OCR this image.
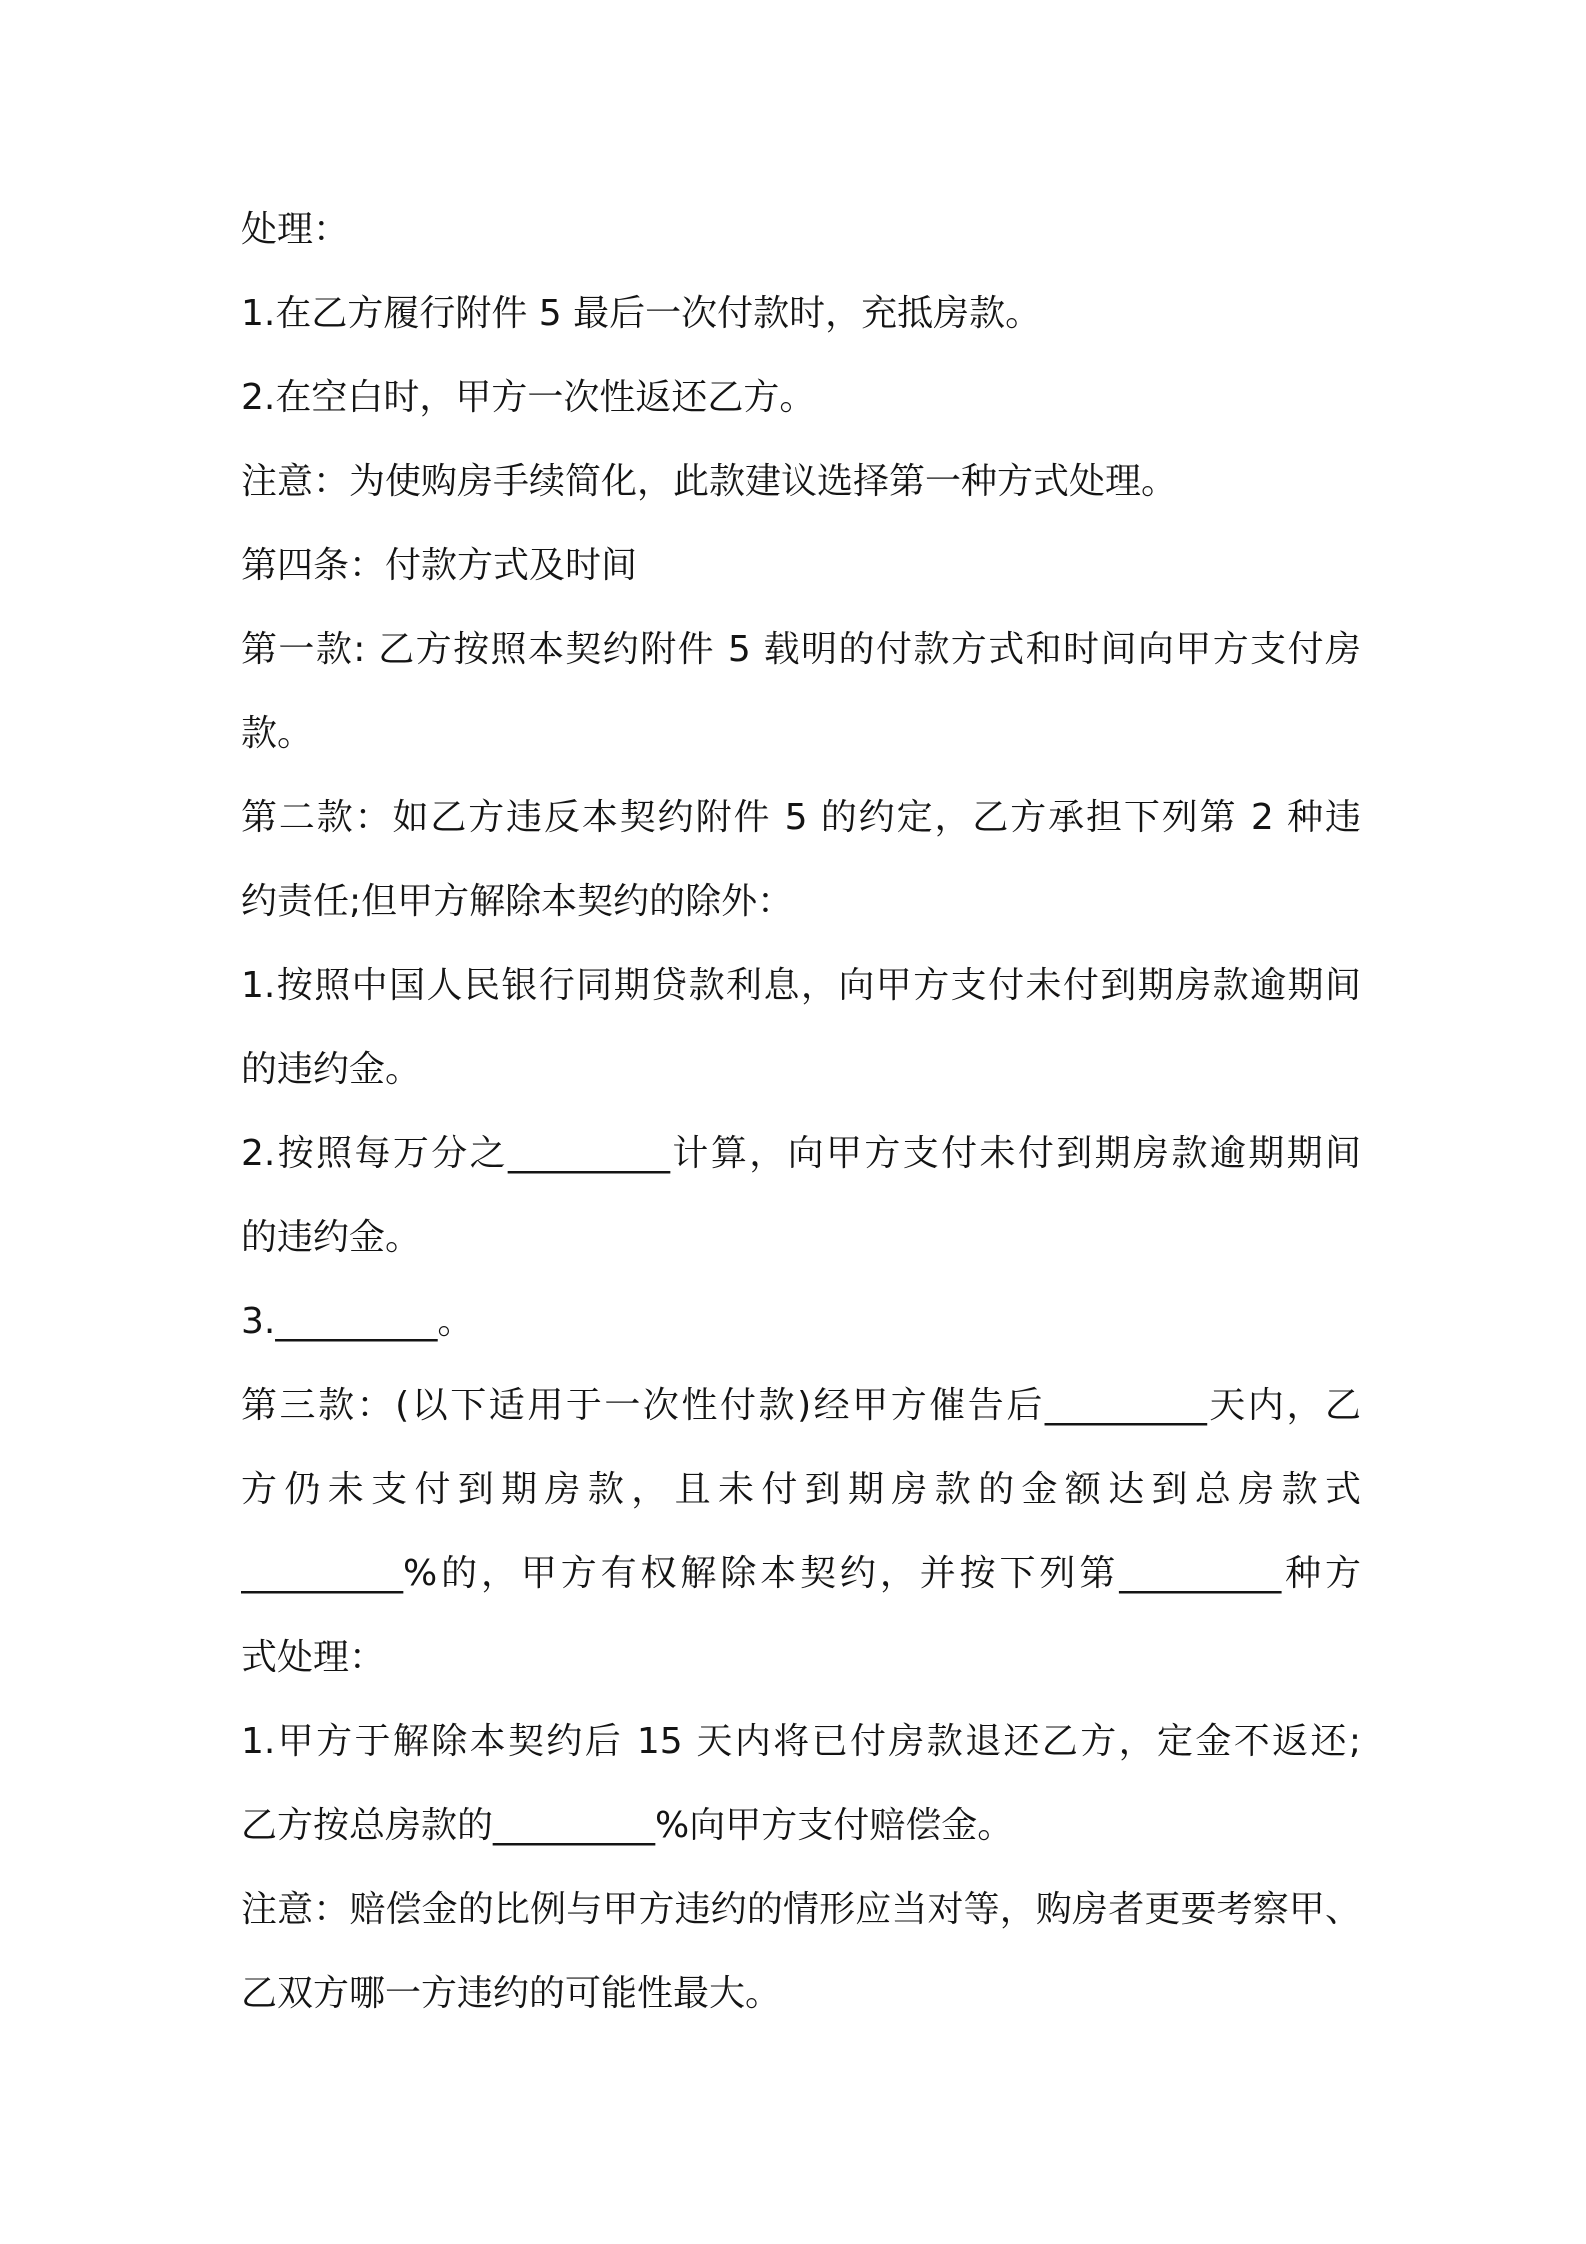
处理：
1.在乙方履行附件 5 最后一次付款时，充抵房款。
2.在空白时，甲方一次性返还乙方。
注意：为使购房手续简化，此款建议选择第一种方式处理。
第四条：付款方式及时间
第一款: 乙方按照本契约附件 5 载明的付款方式和时间向甲方支付房
款。
第二款：如乙方违反本契约附件 5 的约定，乙方承担下列第 2 种违
约责任;但甲方解除本契约的除外：
1.按照中国人民银行同期贷款利息，向甲方支付未付到期房款逾期间
的违约金。
2.按照每万分之_________计算，向甲方支付未付到期房款逾期期间
的违约金。
3._________。
第三款：(以下适用于一次性付款)经甲方催告后_________天内，乙
方仍未支付到期房款，且未付到期房款的金额达到总房款式
_________%的，甲方有权解除本契约，并按下列第_________种方
式处理：
1.甲方于解除本契约后 15 天内将已付房款退还乙方，定金不返还;
乙方按总房款的_________%向甲方支付赔偿金。
注意：赔偿金的比例与甲方违约的情形应当对等，购房者更要考察甲、
乙双方哪一方违约的可能性最大。
